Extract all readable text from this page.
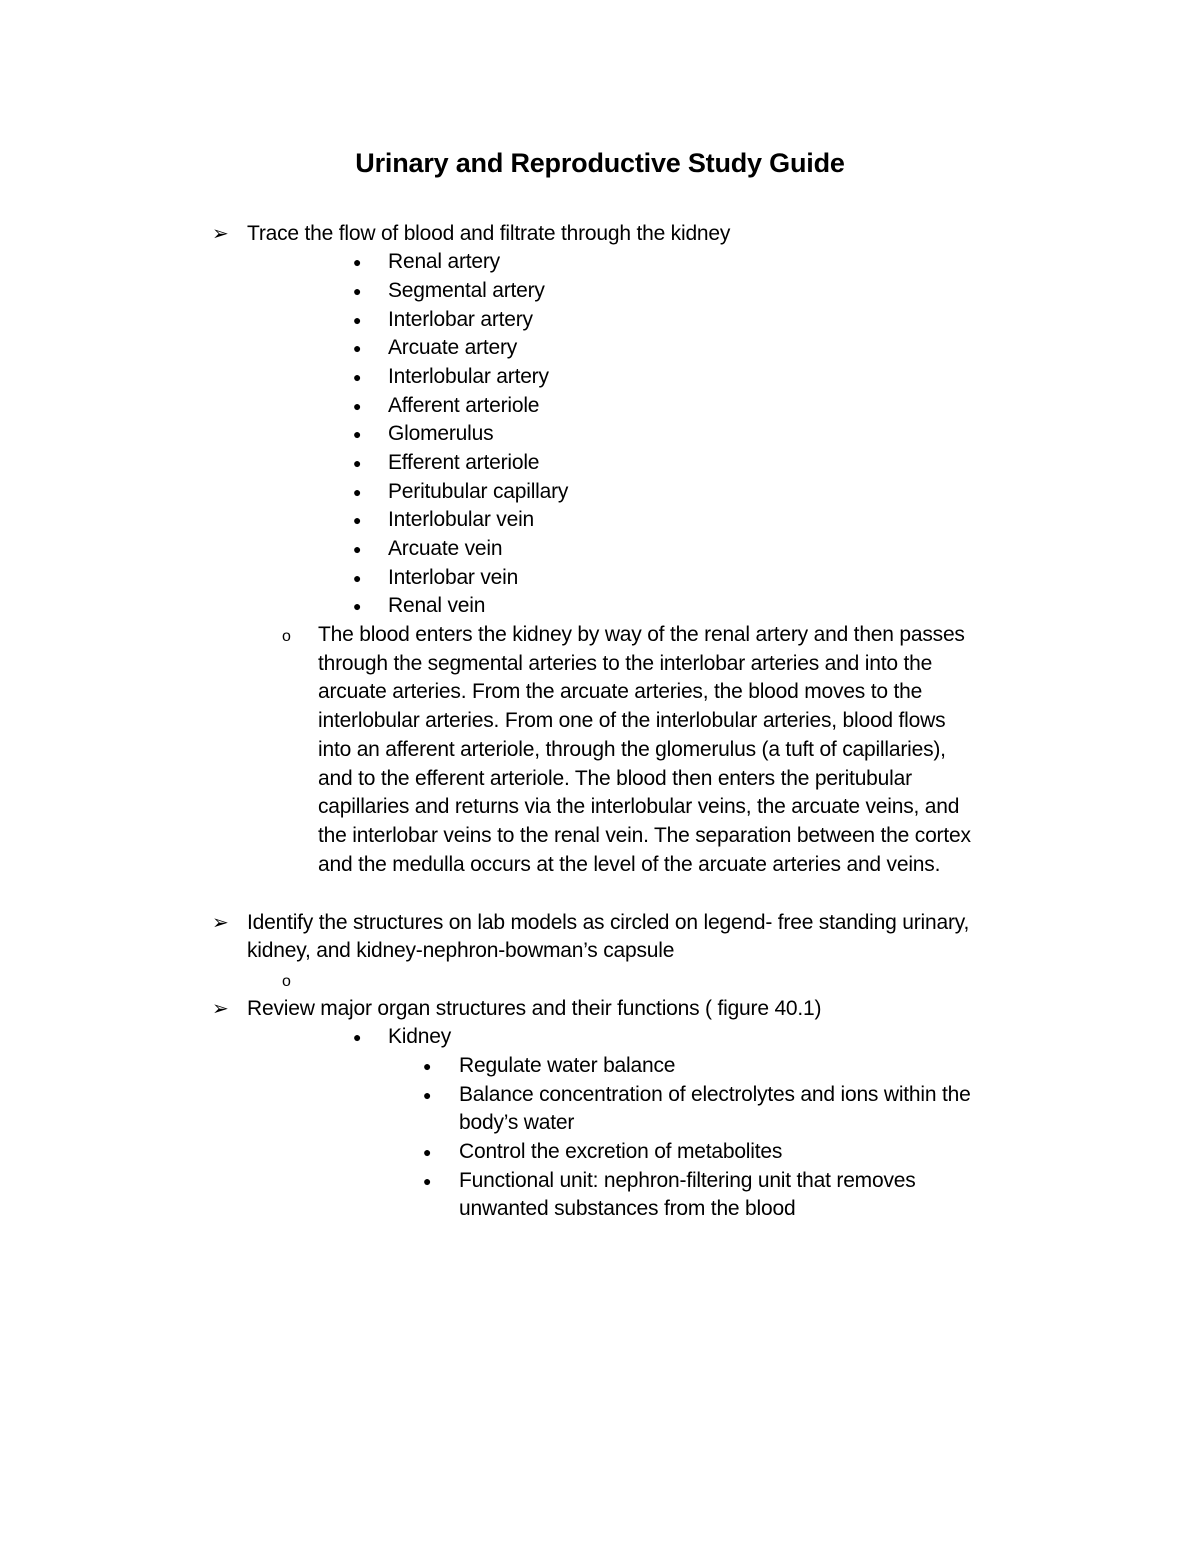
Urinary and Reproductive Study Guide
➢ Trace the flow of blood and filtrate through the kidney
● Renal artery
● Segmental artery
● Interlobar artery
● Arcuate artery
● Interlobular artery
● Afferent arteriole
● Glomerulus
● Efferent arteriole
● Peritubular capillary
● Interlobular vein
● Arcuate vein
● Interlobar vein
● Renal vein
o The blood enters the kidney by way of the renal artery and then passes
through the segmental arteries to the interlobar arteries and into the
arcuate arteries. From the arcuate arteries, the blood moves to the
interlobular arteries. From one of the interlobular arteries, blood flows
into an afferent arteriole, through the glomerulus (a tuft of capillaries),
and to the efferent arteriole. The blood then enters the peritubular
capillaries and returns via the interlobular veins, the arcuate veins, and
the interlobar veins to the renal vein. The separation between the cortex
and the medulla occurs at the level of the arcuate arteries and veins.
➢ Identify the structures on lab models as circled on legend- free standing urinary,
kidney, and kidney-nephron-bowman’s capsule
o
➢ Review major organ structures and their functions ( figure 40.1)
● Kidney
● Regulate water balance
● Balance concentration of electrolytes and ions within the
body’s water
● Control the excretion of metabolites
● Functional unit: nephron-filtering unit that removes
unwanted substances from the blood
